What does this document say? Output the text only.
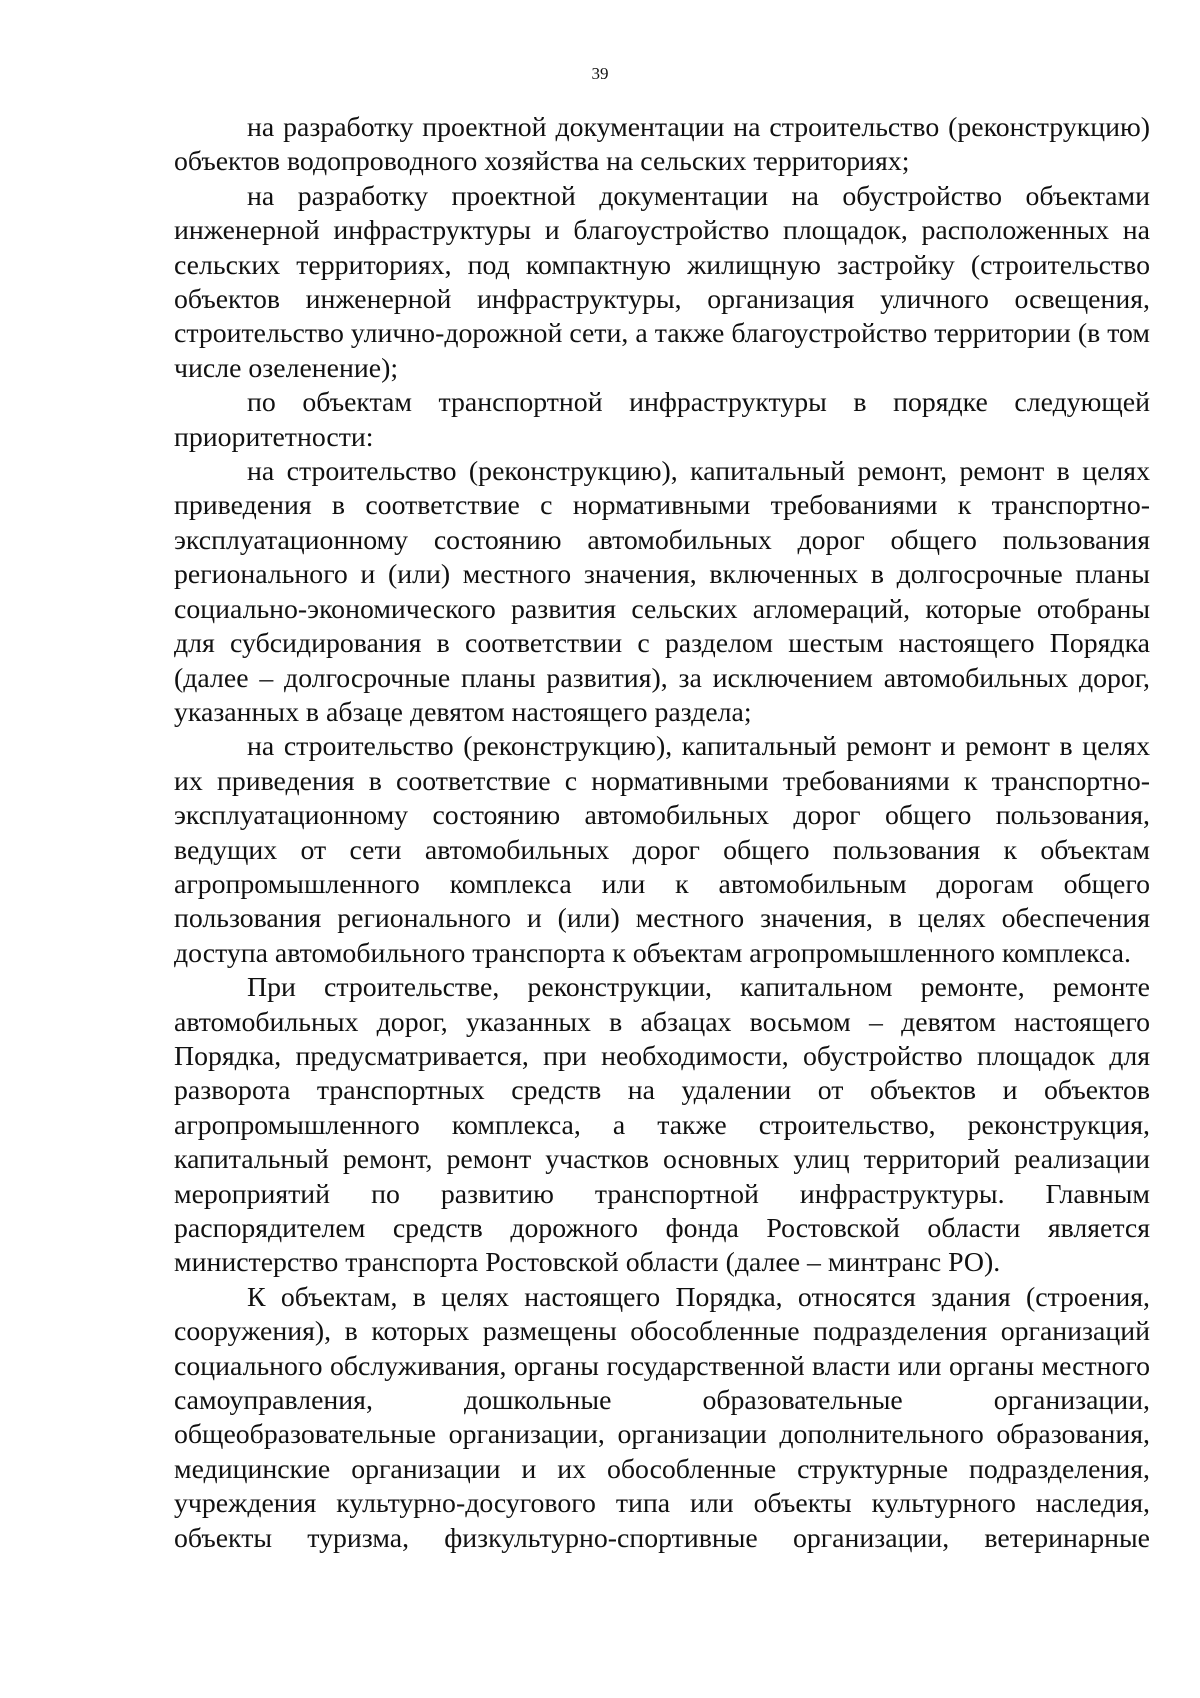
39

на разработку проектной документации на строительство (реконструкцию) объектов водопроводного хозяйства на сельских территориях;

на разработку проектной документации на обустройство объектами инженерной инфраструктуры и благоустройство площадок, расположенных на сельских территориях, под компактную жилищную застройку (строительство объектов инженерной инфраструктуры, организация уличного освещения, строительство улично-дорожной сети, а также благоустройство территории (в том числе озеленение);

по объектам транспортной инфраструктуры в порядке следующей приоритетности:

на строительство (реконструкцию), капитальный ремонт, ремонт в целях приведения в соответствие с нормативными требованиями к транспортно-эксплуатационному состоянию автомобильных дорог общего пользования регионального и (или) местного значения, включенных в долгосрочные планы социально-экономического развития сельских агломераций, которые отобраны для субсидирования в соответствии с разделом шестым настоящего Порядка (далее – долгосрочные планы развития), за исключением автомобильных дорог, указанных в абзаце девятом настоящего раздела;

на строительство (реконструкцию), капитальный ремонт и ремонт в целях их приведения в соответствие с нормативными требованиями к транспортно-эксплуатационному состоянию автомобильных дорог общего пользования, ведущих от сети автомобильных дорог общего пользования к объектам агропромышленного комплекса или к автомобильным дорогам общего пользования регионального и (или) местного значения, в целях обеспечения доступа автомобильного транспорта к объектам агропромышленного комплекса.

При строительстве, реконструкции, капитальном ремонте, ремонте автомобильных дорог, указанных в абзацах восьмом – девятом настоящего Порядка, предусматривается, при необходимости, обустройство площадок для разворота транспортных средств на удалении от объектов и объектов агропромышленного комплекса, а также строительство, реконструкция, капитальный ремонт, ремонт участков основных улиц территорий реализации мероприятий по развитию транспортной инфраструктуры. Главным распорядителем средств дорожного фонда Ростовской области является министерство транспорта Ростовской области (далее – минтранс РО).

К объектам, в целях настоящего Порядка, относятся здания (строения, сооружения), в которых размещены обособленные подразделения организаций социального обслуживания, органы государственной власти или органы местного самоуправления, дошкольные образовательные организации, общеобразовательные организации, организации дополнительного образования, медицинские организации и их обособленные структурные подразделения, учреждения культурно-досугового типа или объекты культурного наследия, объекты туризма, физкультурно-спортивные организации, ветеринарные
